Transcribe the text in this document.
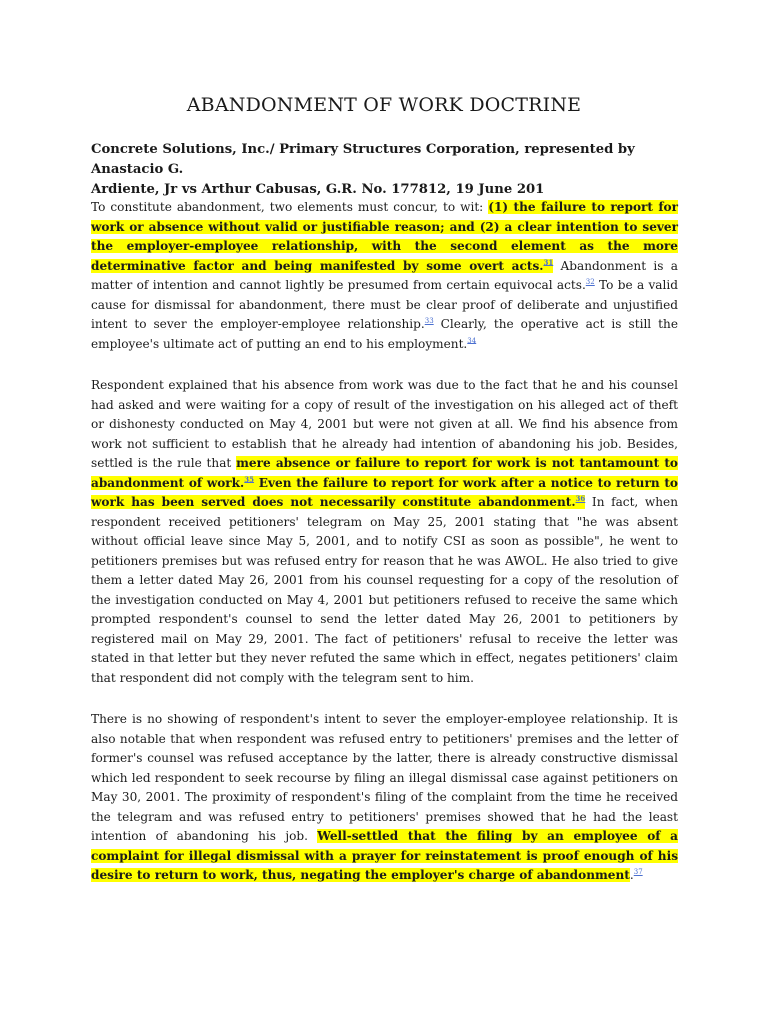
ABANDONMENT OF WORK DOCTRINE

Concrete Solutions, Inc./ Primary Structures Corporation, represented by Anastacio G.
Ardiente, Jr vs Arthur Cabusas, G.R. No. 177812, 19 June 201

To constitute abandonment, two elements must concur, to wit: (1) the failure to report for work or absence without valid or justifiable reason; and (2) a clear intention to sever the employer-employee relationship, with the second element as the more determinative factor and being manifested by some overt acts.$^{31}$ Abandonment is a matter of intention and cannot lightly be presumed from certain equivocal acts.$^{32}$ To be a valid cause for dismissal for abandonment, there must be clear proof of deliberate and unjustified intent to sever the employer-employee relationship.$^{33}$ Clearly, the operative act is still the employee's ultimate act of putting an end to his employment.$^{34}$

Respondent explained that his absence from work was due to the fact that he and his counsel had asked and were waiting for a copy of result of the investigation on his alleged act of theft or dishonesty conducted on May 4, 2001 but were not given at all. We find his absence from work not sufficient to establish that he already had intention of abandoning his job. Besides, settled is the rule that mere absence or failure to report for work is not tantamount to abandonment of work.$^{35}$ Even the failure to report for work after a notice to return to work has been served does not necessarily constitute abandonment.$^{36}$ In fact, when respondent received petitioners' telegram on May 25, 2001 stating that "he was absent without official leave since May 5, 2001, and to notify CSI as soon as possible", he went to petitioners premises but was refused entry for reason that he was AWOL. He also tried to give them a letter dated May 26, 2001 from his counsel requesting for a copy of the resolution of the investigation conducted on May 4, 2001 but petitioners refused to receive the same which prompted respondent's counsel to send the letter dated May 26, 2001 to petitioners by registered mail on May 29, 2001. The fact of petitioners' refusal to receive the letter was stated in that letter but they never refuted the same which in effect, negates petitioners' claim that respondent did not comply with the telegram sent to him.

There is no showing of respondent's intent to sever the employer-employee relationship. It is also notable that when respondent was refused entry to petitioners' premises and the letter of former's counsel was refused acceptance by the latter, there is already constructive dismissal which led respondent to seek recourse by filing an illegal dismissal case against petitioners on May 30, 2001. The proximity of respondent's filing of the complaint from the time he received the telegram and was refused entry to petitioners' premises showed that he had the least intention of abandoning his job. Well-settled that the filing by an employee of a complaint for illegal dismissal with a prayer for reinstatement is proof enough of his desire to return to work, thus, negating the employer's charge of abandonment.$^{37}$
